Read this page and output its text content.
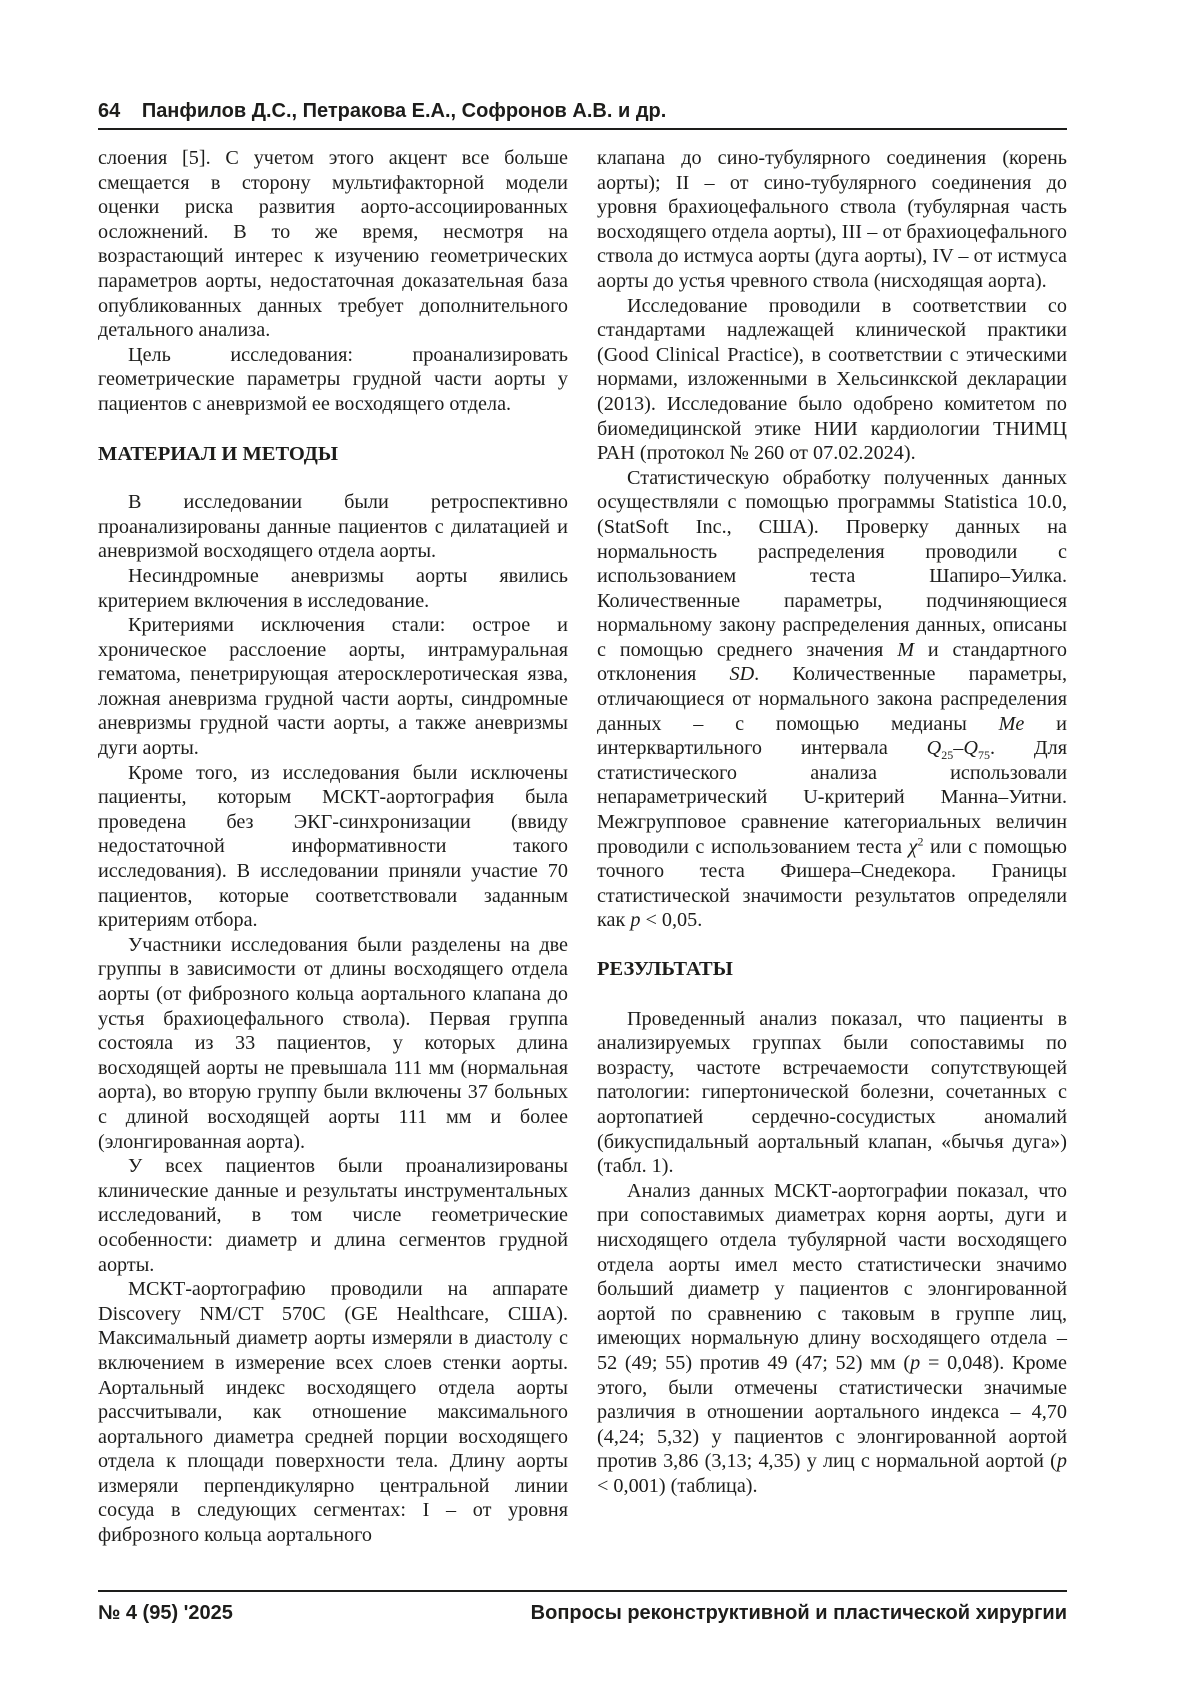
64 Панфилов Д.С., Петракова Е.А., Софронов А.В. и др.

слоения [5]. С учетом этого акцент все больше смещается в сторону мультифакторной модели оценки риска развития аорто-ассоциированных осложнений. В то же время, несмотря на возрастающий интерес к изучению геометрических параметров аорты, недостаточная доказательная база опубликованных данных требует дополнительного детального анализа.

Цель исследования: проанализировать геометрические параметры грудной части аорты у пациентов с аневризмой ее восходящего отдела.

МАТЕРИАЛ И МЕТОДЫ

В исследовании были ретроспективно проанализированы данные пациентов с дилатацией и аневризмой восходящего отдела аорты.

Несиндромные аневризмы аорты явились критерием включения в исследование.

Критериями исключения стали: острое и хроническое расслоение аорты, интрамуральная гематома, пенетрирующая атеросклеротическая язва, ложная аневризма грудной части аорты, синдромные аневризмы грудной части аорты, а также аневризмы дуги аорты.

Кроме того, из исследования были исключены пациенты, которым МСКТ-аортография была проведена без ЭКГ-синхронизации (ввиду недостаточной информативности такого исследования). В исследовании приняли участие 70 пациентов, которые соответствовали заданным критериям отбора.

Участники исследования были разделены на две группы в зависимости от длины восходящего отдела аорты (от фиброзного кольца аортального клапана до устья брахиоцефального ствола). Первая группа состояла из 33 пациентов, у которых длина восходящей аорты не превышала 111 мм (нормальная аорта), во вторую группу были включены 37 больных с длиной восходящей аорты 111 мм и более (элонгированная аорта).

У всех пациентов были проанализированы клинические данные и результаты инструментальных исследований, в том числе геометрические особенности: диаметр и длина сегментов грудной аорты.

МСКТ-аортографию проводили на аппарате Discovery NM/CT 570C (GE Healthcare, США). Максимальный диаметр аорты измеряли в диастолу с включением в измерение всех слоев стенки аорты. Аортальный индекс восходящего отдела аорты рассчитывали, как отношение максимального аортального диаметра средней порции восходящего отдела к площади поверхности тела. Длину аорты измеряли перпендикулярно центральной линии сосуда в следующих сегментах: I – от уровня фиброзного кольца аортального

клапана до сино-тубулярного соединения (корень аорты); II – от сино-тубулярного соединения до уровня брахиоцефального ствола (тубулярная часть восходящего отдела аорты), III – от брахиоцефального ствола до истмуса аорты (дуга аорты), IV – от истмуса аорты до устья чревного ствола (нисходящая аорта).

Исследование проводили в соответствии со стандартами надлежащей клинической практики (Good Clinical Practice), в соответствии с этическими нормами, изложенными в Хельсинкской декларации (2013). Исследование было одобрено комитетом по биомедицинской этике НИИ кардиологии ТНИМЦ РАН (протокол № 260 от 07.02.2024).

Статистическую обработку полученных данных осуществляли с помощью программы Statistica 10.0, (StatSoft Inc., США). Проверку данных на нормальность распределения проводили с использованием теста Шапиро–Уилка. Количественные параметры, подчиняющиеся нормальному закону распределения данных, описаны с помощью среднего значения M и стандартного отклонения SD. Количественные параметры, отличающиеся от нормального закона распределения данных – с помощью медианы Me и интерквартильного интервала $Q_{25}-Q_{75}$. Для статистического анализа использовали непараметрический U-критерий Манна–Уитни. Межгрупповое сравнение категориальных величин проводили с использованием теста $\chi^2$ или с помощью точного теста Фишера–Снедекора. Границы статистической значимости результатов определяли как p < 0,05.

РЕЗУЛЬТАТЫ

Проведенный анализ показал, что пациенты в анализируемых группах были сопоставимы по возрасту, частоте встречаемости сопутствующей патологии: гипертонической болезни, сочетанных с аортопатией сердечно-сосудистых аномалий (бикуспидальный аортальный клапан, «бычья дуга») (табл. 1).

Анализ данных МСКТ-аортографии показал, что при сопоставимых диаметрах корня аорты, дуги и нисходящего отдела тубулярной части восходящего отдела аорты имел место статистически значимо больший диаметр у пациентов с элонгированной аортой по сравнению с таковым в группе лиц, имеющих нормальную длину восходящего отдела – 52 (49; 55) против 49 (47; 52) мм (p = 0,048). Кроме этого, были отмечены статистически значимые различия в отношении аортального индекса – 4,70 (4,24; 5,32) у пациентов с элонгированной аортой против 3,86 (3,13; 4,35) у лиц с нормальной аортой (p < 0,001) (таблица).

№ 4 (95) '2025	Вопросы реконструктивной и пластической хирургии
